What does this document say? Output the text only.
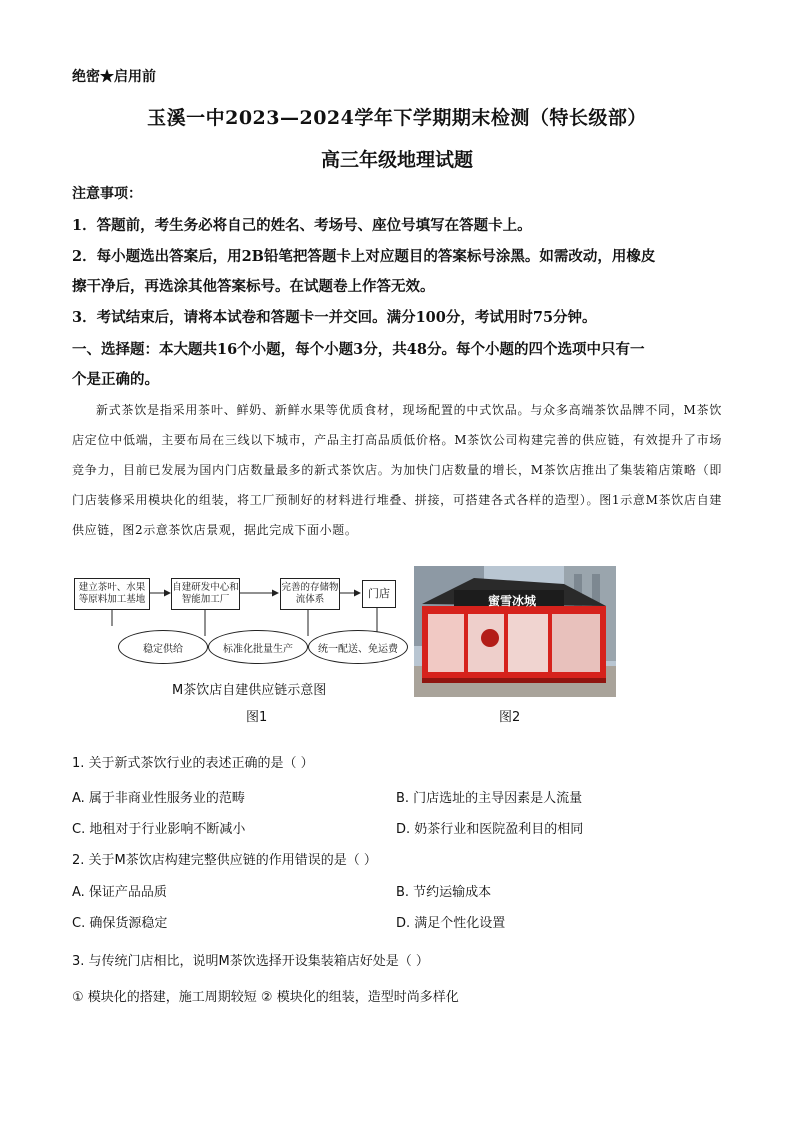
绝密★启用前
玉溪一中2023—2024学年下学期期末检测（特长级部）
高三年级地理试题
注意事项：
1．答题前，考生务必将自己的姓名、考场号、座位号填写在答题卡上。
2．每小题选出答案后，用2B铅笔把答题卡上对应题目的答案标号涂黑。如需改动，用橡皮
擦干净后，再选涂其他答案标号。在试题卷上作答无效。
3．考试结束后，请将本试卷和答题卡一并交回。满分100分，考试用时75分钟。
一、选择题：本大题共16个小题，每个小题3分，共48分。每个小题的四个选项中只有一
个是正确的。

新式茶饮是指采用茶叶、鲜奶、新鲜水果等优质食材，现场配置的中式饮品。与众多高端茶饮品牌不同，M茶饮店定位中低端，主要布局在三线以下城市，产品主打高品质低价格。M茶饮公司构建完善的供应链，有效提升了市场竞争力，目前已发展为国内门店数量最多的新式茶饮店。为加快门店数量的增长，M茶饮店推出了集装箱店策略（即门店装修采用模块化的组装，将工厂预制好的材料进行堆叠、拼接，可搭建各式各样的造型）。图1示意M茶饮店自建供应链，图2示意茶饮店景观，据此完成下面小题。

建立茶叶、水果等原料加工基地
自建研发中心和智能加工厂
完善的存储物流体系	门店
稳定供给	标准化批量生产	统一配送、免运费
M茶饮店自建供应链示意图
图1
蜜雪冰城
图2
1. 关于新式茶饮行业的表述正确的是（ ）
A. 属于非商业性服务业的范畴	B. 门店选址的主导因素是人流量
C. 地租对于行业影响不断减小	D. 奶茶行业和医院盈利目的相同
2. 关于M茶饮店构建完整供应链的作用错误的是（ ）
A. 保证产品品质	B. 节约运输成本
C. 确保货源稳定	D. 满足个性化设置
3. 与传统门店相比，说明M茶饮选择开设集装箱店好处是（ ）
① 模块化的搭建，施工周期较短 ② 模块化的组装，造型时尚多样化
